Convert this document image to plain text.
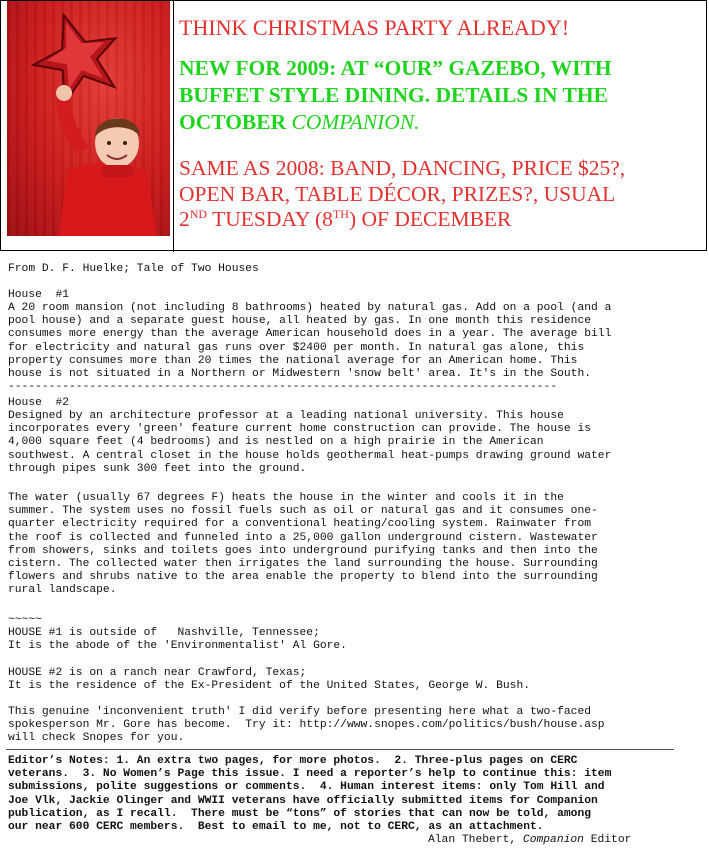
THINK CHRISTMAS PARTY ALREADY!

NEW FOR 2009: AT “OUR” GAZEBO, WITH
BUFFET STYLE DINING. DETAILS IN THE
OCTOBER COMPANION.

SAME AS 2008: BAND, DANCING, PRICE $25?,
OPEN BAR, TABLE DÉCOR, PRIZES?, USUAL
2ND TUESDAY (8TH) OF DECEMBER

From D. F. Huelke; Tale of Two Houses
House  #1
A 20 room mansion (not including 8 bathrooms) heated by natural gas. Add on a pool (and a
pool house) and a separate guest house, all heated by gas. In one month this residence
consumes more energy than the average American household does in a year. The average bill
for electricity and natural gas runs over $2400 per month. In natural gas alone, this
property consumes more than 20 times the national average for an American home. This
house is not situated in a Northern or Midwestern 'snow belt' area. It's in the South.
---------------------------------------------------------------------------------
House  #2
Designed by an architecture professor at a leading national university. This house
incorporates every 'green' feature current home construction can provide. The house is
4,000 square feet (4 bedrooms) and is nestled on a high prairie in the American
southwest. A central closet in the house holds geothermal heat-pumps drawing ground water
through pipes sunk 300 feet into the ground.
The water (usually 67 degrees F) heats the house in the winter and cools it in the
summer. The system uses no fossil fuels such as oil or natural gas and it consumes one-
quarter electricity required for a conventional heating/cooling system. Rainwater from
the roof is collected and funneled into a 25,000 gallon underground cistern. Wastewater
from showers, sinks and toilets goes into underground purifying tanks and then into the
cistern. The collected water then irrigates the land surrounding the house. Surrounding
flowers and shrubs native to the area enable the property to blend into the surrounding
rural landscape.
~~~~~
HOUSE #1 is outside of   Nashville, Tennessee;
It is the abode of the 'Environmentalist' Al Gore.
HOUSE #2 is on a ranch near Crawford, Texas;
It is the residence of the Ex-President of the United States, George W. Bush.
This genuine 'inconvenient truth' I did verify before presenting here what a two-faced
spokesperson Mr. Gore has become.  Try it: http://www.snopes.com/politics/bush/house.asp
will check Snopes for you.
Editor’s Notes: 1. An extra two pages, for more photos.  2. Three-plus pages on CERC
veterans.  3. No Women’s Page this issue. I need a reporter’s help to continue this: item
submissions, polite suggestions or comments.  4. Human interest items: only Tom Hill and
Joe Vlk, Jackie Olinger and WWII veterans have officially submitted items for Companion
publication, as I recall.  There must be “tons” of stories that can now be told, among
our near 600 CERC members.  Best to email to me, not to CERC, as an attachment.
Alan Thebert, Companion Editor
